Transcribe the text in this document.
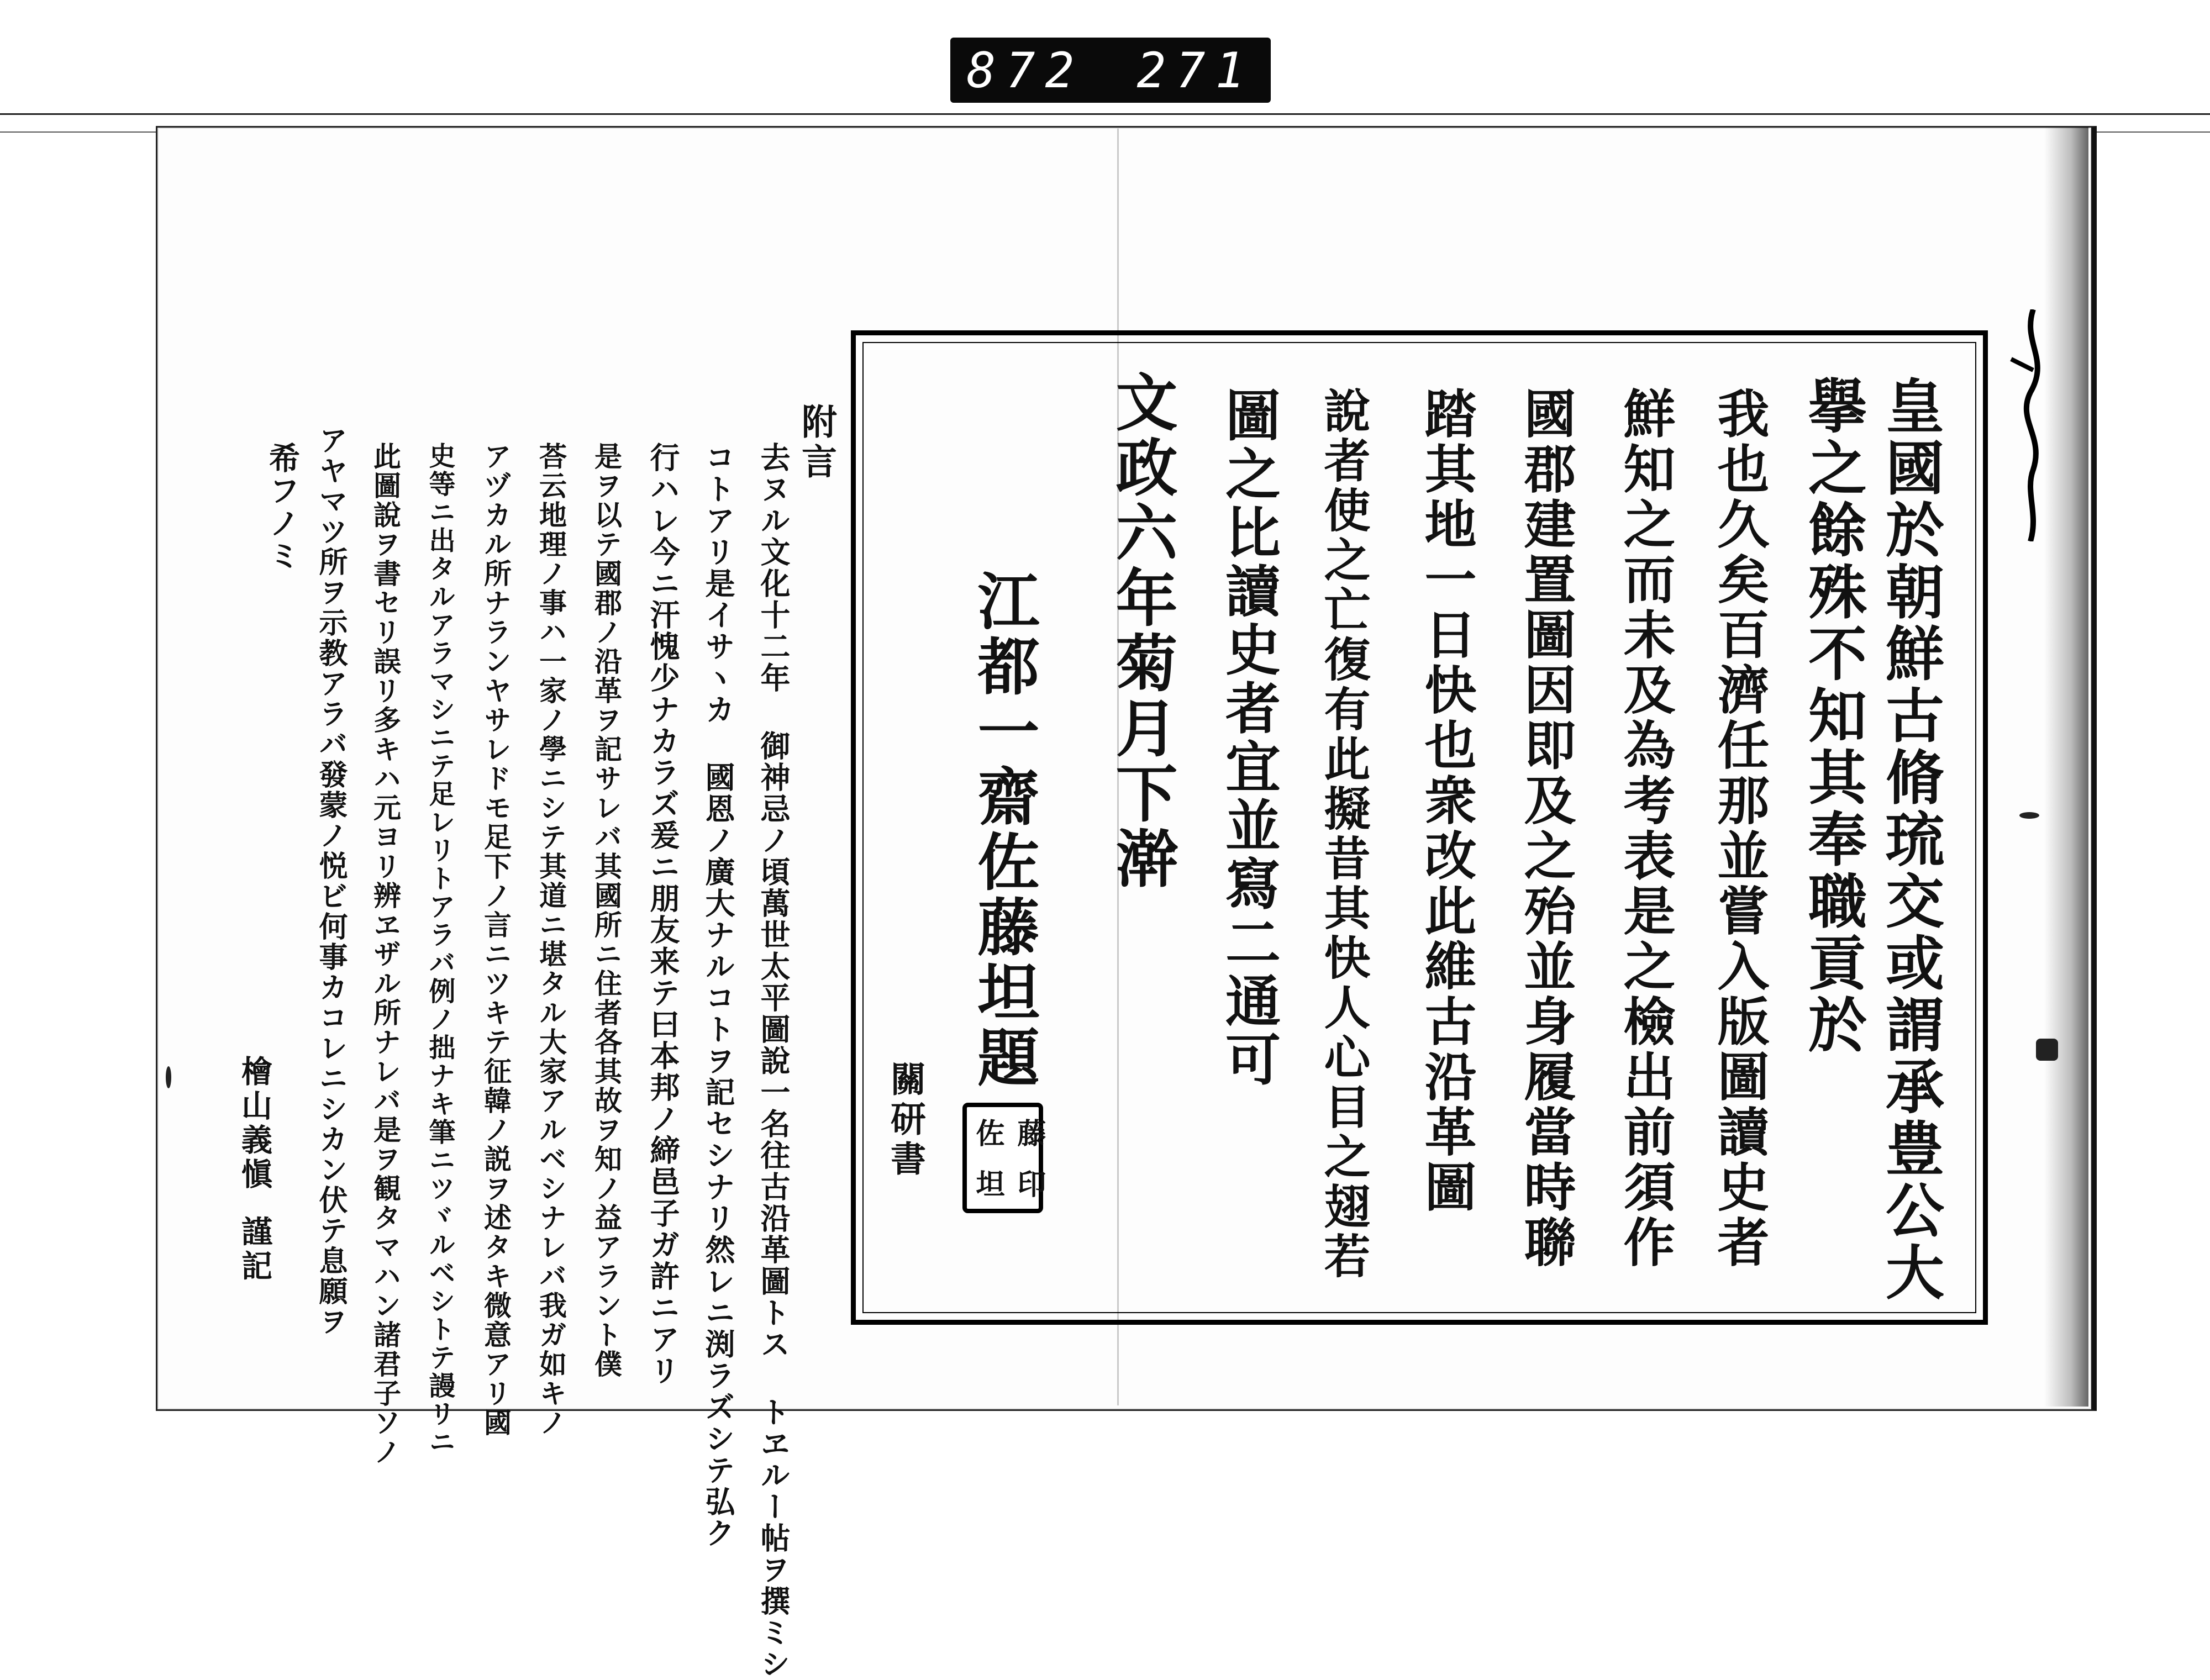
872 271
皇國於朝鮮古脩琉交或謂承豊公大
擧之餘殊不知其奉職貢於
我也久矣百濟任那並嘗入版圖讀史者
鮮知之而未及為考表是之檢出前須作
國郡建置圖因即及之殆並身履當時聯
踏其地一日快也衆改此維古沿革圖
說者使之亡復有此擬昔其快人心目之翅若
圖之比讀史者宜並寫二通可
文政六年菊月下澣
江都一齋佐藤坦題
佐 藤
坦 印
關研書
附言
去ヌル文化十二年 御神忌ノ頃萬世太平圖說一名往古沿革圖トス トヱルー帖ヲ撰ミシ
コトアリ是イサヽカ 國恩ノ廣大ナルコトヲ記セシナリ然レニ渕ラズシテ弘ク
行ハレ今ニ汗愧少ナカラズ爰ニ朋友来テ曰本邦ノ締邑子ガ許ニアリ
是ヲ以テ國郡ノ沿革ヲ記サレバ其國所ニ住者各其故ヲ知ノ益アラント僕
荅云地理ノ事ハ一家ノ學ニシテ其道ニ堪タル大家アルベシナレバ我ガ如キノ
アヅカル所ナランヤサレドモ足下ノ言ニツキテ征韓ノ説ヲ述タキ微意アリ國
史等ニ出タルアラマシニテ足レリトアラバ例ノ拙ナキ筆ニツヾルベシトテ謾リニ
此圖說ヲ書セリ誤リ多キハ元ヨリ辨ヱザル所ナレバ是ヲ観タマハン諸君子ソノ
アヤマツ所ヲ示教アラバ發蒙ノ悦ビ何事カコレニシカン伏テ息願ヲ
希フノミ
檜山義愼
謹記
